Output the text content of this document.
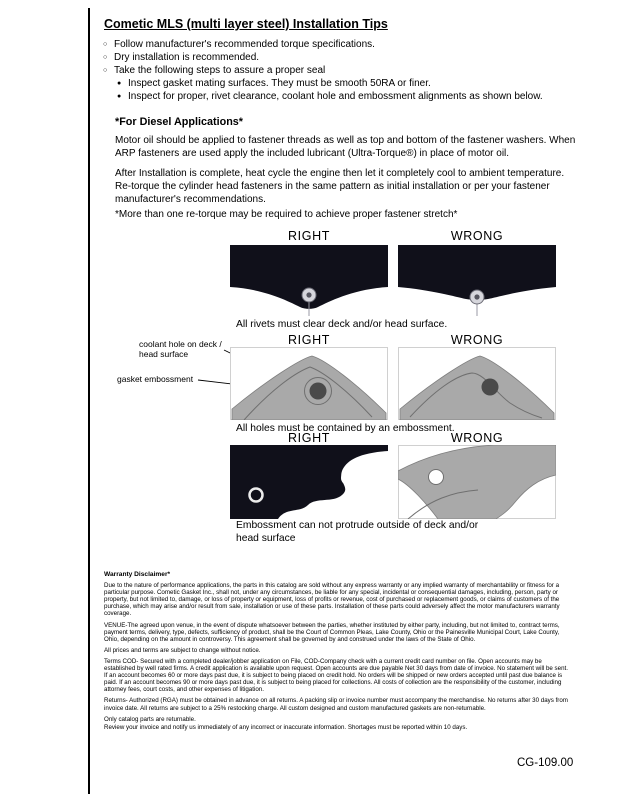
Cometic MLS (multi layer steel) Installation Tips
○ Follow manufacturer's recommended torque specifications.
○ Dry installation is recommended.
○ Take the following steps to assure a proper seal
● Inspect gasket mating surfaces. They must be smooth 50RA or finer.
● Inspect for proper, rivet clearance, coolant hole and embossment alignments as shown below.
*For Diesel Applications*

Motor oil should be applied to fastener threads as well as top and bottom of the fastener washers. When ARP fasteners are used apply the included lubricant (Ultra-Torque®) in place of motor oil.

After Installation is complete, heat cycle the engine then let it completely cool to ambient temperature. Re-torque the cylinder head fasteners in the same pattern as initial installation or per your fastener manufacturer's recommendations.

*More than one re-torque may be required to achieve proper fastener stretch*

RIGHT	WRONG

All rivets must clear deck and/or head surface.

RIGHT	WRONG
coolant hole on deck / head surface
gasket embossment

All holes must be contained by an embossment.

RIGHT	WRONG

Embossment can not protrude outside of deck and/or head surface

Warranty Disclaimer*

Due to the nature of performance applications, the parts in this catalog are sold without any express warranty or any implied warranty of merchantability or fitness for a particular purpose. Cometic Gasket Inc., shall not, under any circumstances, be liable for any special, incidental or consequential damages, including, person, party or property, but not limited to, damage, or loss of property or equipment, loss of profits or revenue, cost of purchased or replacement goods, or claims of customers of the purchase, which may arise and/or result from sale, installation or use of these parts. Installation of these parts could adversely affect the motor manufacturers warranty coverage.

VENUE-The agreed upon venue, in the event of dispute whatsoever between the parties, whether instituted by either party, including, but not limited to, contract terms, payment terms, delivery, type, defects, sufficiency of product, shall be the Court of Common Pleas, Lake County, Ohio or the Painesville Municipal Court, Lake County, Ohio, depending on the amount in controversy. This agreement shall be governed by and construed under the laws of the State of Ohio.

All prices and terms are subject to change without notice.

Terms COD- Secured with a completed dealer/jobber application on File, COD-Company check with a current credit card number on file. Open accounts may be established by well rated firms. A credit application is available upon request. Open accounts are due payable Net 30 days from date of invoice. No statement will be sent. If an account becomes 60 or more days past due, it is subject to being placed on credit hold. No orders will be shipped or new orders accepted until past due balance is paid. If an account becomes 90 or more days past due, it is subject to being placed for collections. All costs of collection are the responsibility of the customer, including attorney fees, court costs, and other expenses of litigation.

Returns- Authorized (RGA) must be obtained in advance on all returns. A packing slip or invoice number must accompany the merchandise. No returns after 30 days from invoice date. All returns are subject to a 25% restocking charge. All custom designed and custom manufactured gaskets are non-returnable.

Only catalog parts are returnable.

Review your invoice and notify us immediately of any incorrect or inaccurate information. Shortages must be reported within 10 days.

CG-109.00
